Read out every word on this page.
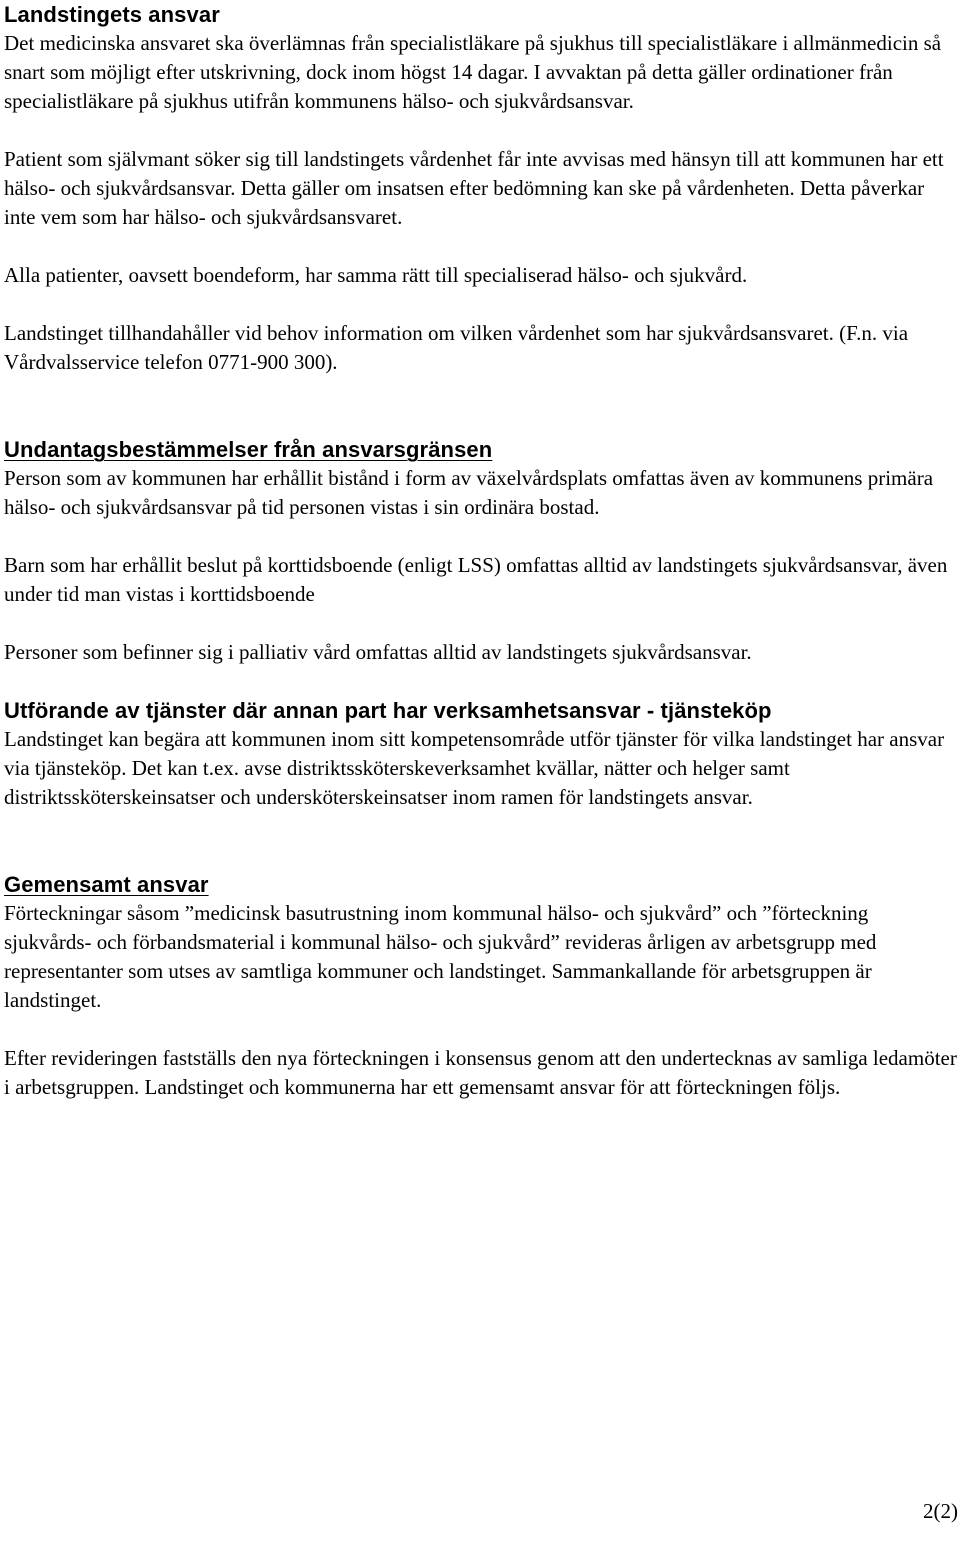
Landstingets ansvar

Det medicinska ansvaret ska överlämnas från specialistläkare på sjukhus till specialistläkare i allmänmedicin så snart som möjligt efter utskrivning, dock inom högst 14 dagar. I avvaktan på detta gäller ordinationer från specialistläkare på sjukhus utifrån kommunens hälso- och sjukvårdsansvar.

Patient som självmant söker sig till landstingets vårdenhet får inte avvisas med hänsyn till att kommunen har ett hälso- och sjukvårdsansvar. Detta gäller om insatsen efter bedömning kan ske på vårdenheten. Detta påverkar inte vem som har hälso- och sjukvårdsansvaret.

Alla patienter, oavsett boendeform, har samma rätt till specialiserad hälso- och sjukvård.

Landstinget tillhandahåller vid behov information om vilken vårdenhet som har sjukvårdsansvaret. (F.n. via Vårdvalsservice telefon 0771-900 300).

Undantagsbestämmelser från ansvarsgränsen

Person som av kommunen har erhållit bistånd i form av växelvårdsplats omfattas även av kommunens primära hälso- och sjukvårdsansvar på tid personen vistas i sin ordinära bostad.

Barn som har erhållit beslut på korttidsboende (enligt LSS) omfattas alltid av landstingets sjukvårdsansvar, även under tid man vistas i korttidsboende

Personer som befinner sig i palliativ vård omfattas alltid av landstingets sjukvårdsansvar.

Utförande av tjänster där annan part har verksamhetsansvar - tjänsteköp

Landstinget kan begära att kommunen inom sitt kompetensområde utför tjänster för vilka landstinget har ansvar via tjänsteköp. Det kan t.ex. avse distriktssköterskeverksamhet kvällar, nätter och helger samt distriktssköterskeinsatser och undersköterskeinsatser inom ramen för landstingets ansvar.

Gemensamt ansvar

Förteckningar såsom ”medicinsk basutrustning inom kommunal hälso- och sjukvård” och ”förteckning sjukvårds- och förbandsmaterial i kommunal hälso- och sjukvård” revideras årligen av arbetsgrupp med representanter som utses av samtliga kommuner och landstinget. Sammankallande för arbetsgruppen är landstinget.

Efter revideringen fastställs den nya förteckningen i konsensus genom att den undertecknas av samliga ledamöter i arbetsgruppen. Landstinget och kommunerna har ett gemensamt ansvar för att förteckningen följs.

2(2)
